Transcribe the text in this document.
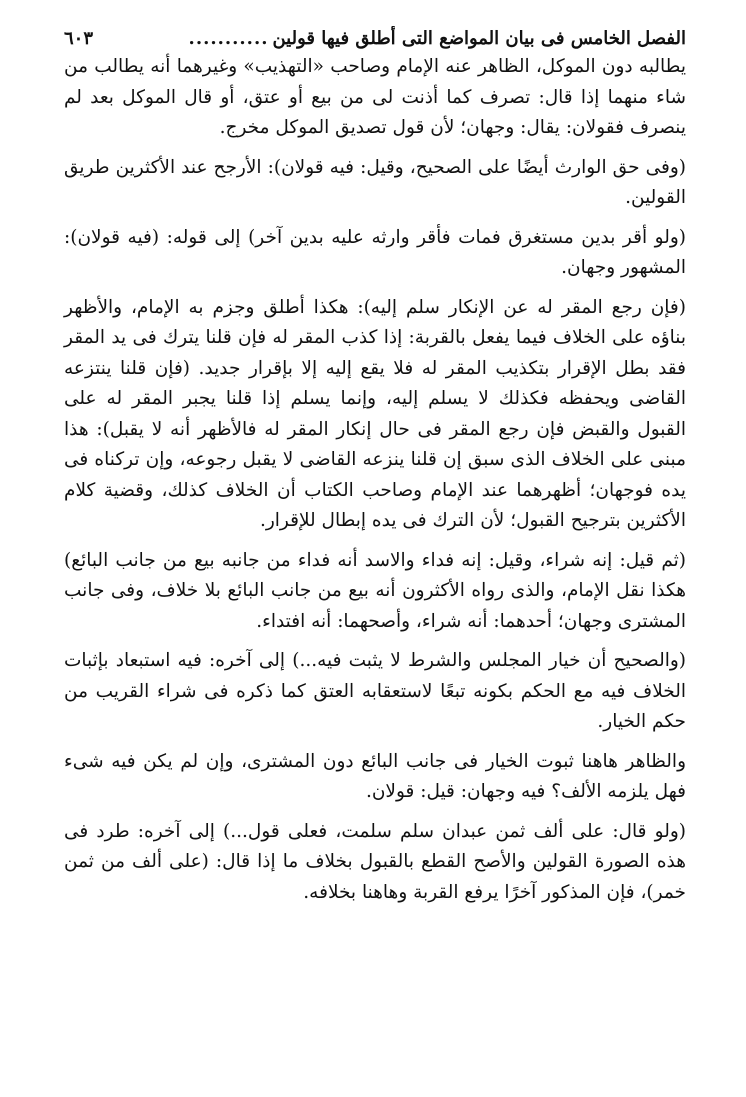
الفصل الخامس فى بيان المواضع التى أطلق فيها قولين
...........
٦٠٣

يطالبه دون الموكل، الظاهر عنه الإمام وصاحب «التهذيب» وغيرهما أنه يطالب من شاء منهما إذا قال: تصرف كما أذنت لى من بيع أو عتق، أو قال الموكل بعد لم ينصرف فقولان: يقال: وجهان؛ لأن قول تصديق الموكل مخرج.

(وفى حق الوارث أيضًا على الصحيح، وقيل: فيه قولان): الأرجح عند الأكثرين طريق القولين.

(ولو أقر بدين مستغرق فمات فأقر وارثه عليه بدين آخر) إلى قوله: (فيه قولان): المشهور وجهان.

(فإن رجع المقر له عن الإنكار سلم إليه): هكذا أطلق وجزم به الإمام، والأظهر بناؤه على الخلاف فيما يفعل بالقربة: إذا كذب المقر له فإن قلنا يترك فى يد المقر فقد بطل الإقرار بتكذيب المقر له فلا يقع إليه إلا بإقرار جديد. (فإن قلنا ينتزعه القاضى ويحفظه فكذلك لا يسلم إليه، وإنما يسلم إذا قلنا يجبر المقر له على القبول والقبض فإن رجع المقر فى حال إنكار المقر له فالأظهر أنه لا يقبل): هذا مبنى على الخلاف الذى سبق إن قلنا ينزعه القاضى لا يقبل رجوعه، وإن تركناه فى يده فوجهان؛ أظهرهما عند الإمام وصاحب الكتاب أن الخلاف كذلك، وقضية كلام الأكثرين بترجيح القبول؛ لأن الترك فى يده إبطال للإقرار.

(ثم قيل: إنه شراء، وقيل: إنه فداء والاسد أنه فداء من جانبه بيع من جانب البائع) هكذا نقل الإمام، والذى رواه الأكثرون أنه بيع من جانب البائع بلا خلاف، وفى جانب المشترى وجهان؛ أحدهما: أنه شراء، وأصحهما: أنه افتداء.

(والصحيح أن خيار المجلس والشرط لا يثبت فيه...) إلى آخره: فيه استبعاد بإثبات الخلاف فيه مع الحكم بكونه تبعًا لاستعقابه العتق كما ذكره فى شراء القريب من حكم الخيار.

والظاهر هاهنا ثبوت الخيار فى جانب البائع دون المشترى، وإن لم يكن فيه شىء فهل يلزمه الألف؟ فيه وجهان: قيل: قولان.

(ولو قال: على ألف ثمن عبدان سلم سلمت، فعلى قول...) إلى آخره: طرد فى هذه الصورة القولين والأصح القطع بالقبول بخلاف ما إذا قال: (على ألف من ثمن خمر)، فإن المذكور آخرًا يرفع القربة وهاهنا بخلافه.
